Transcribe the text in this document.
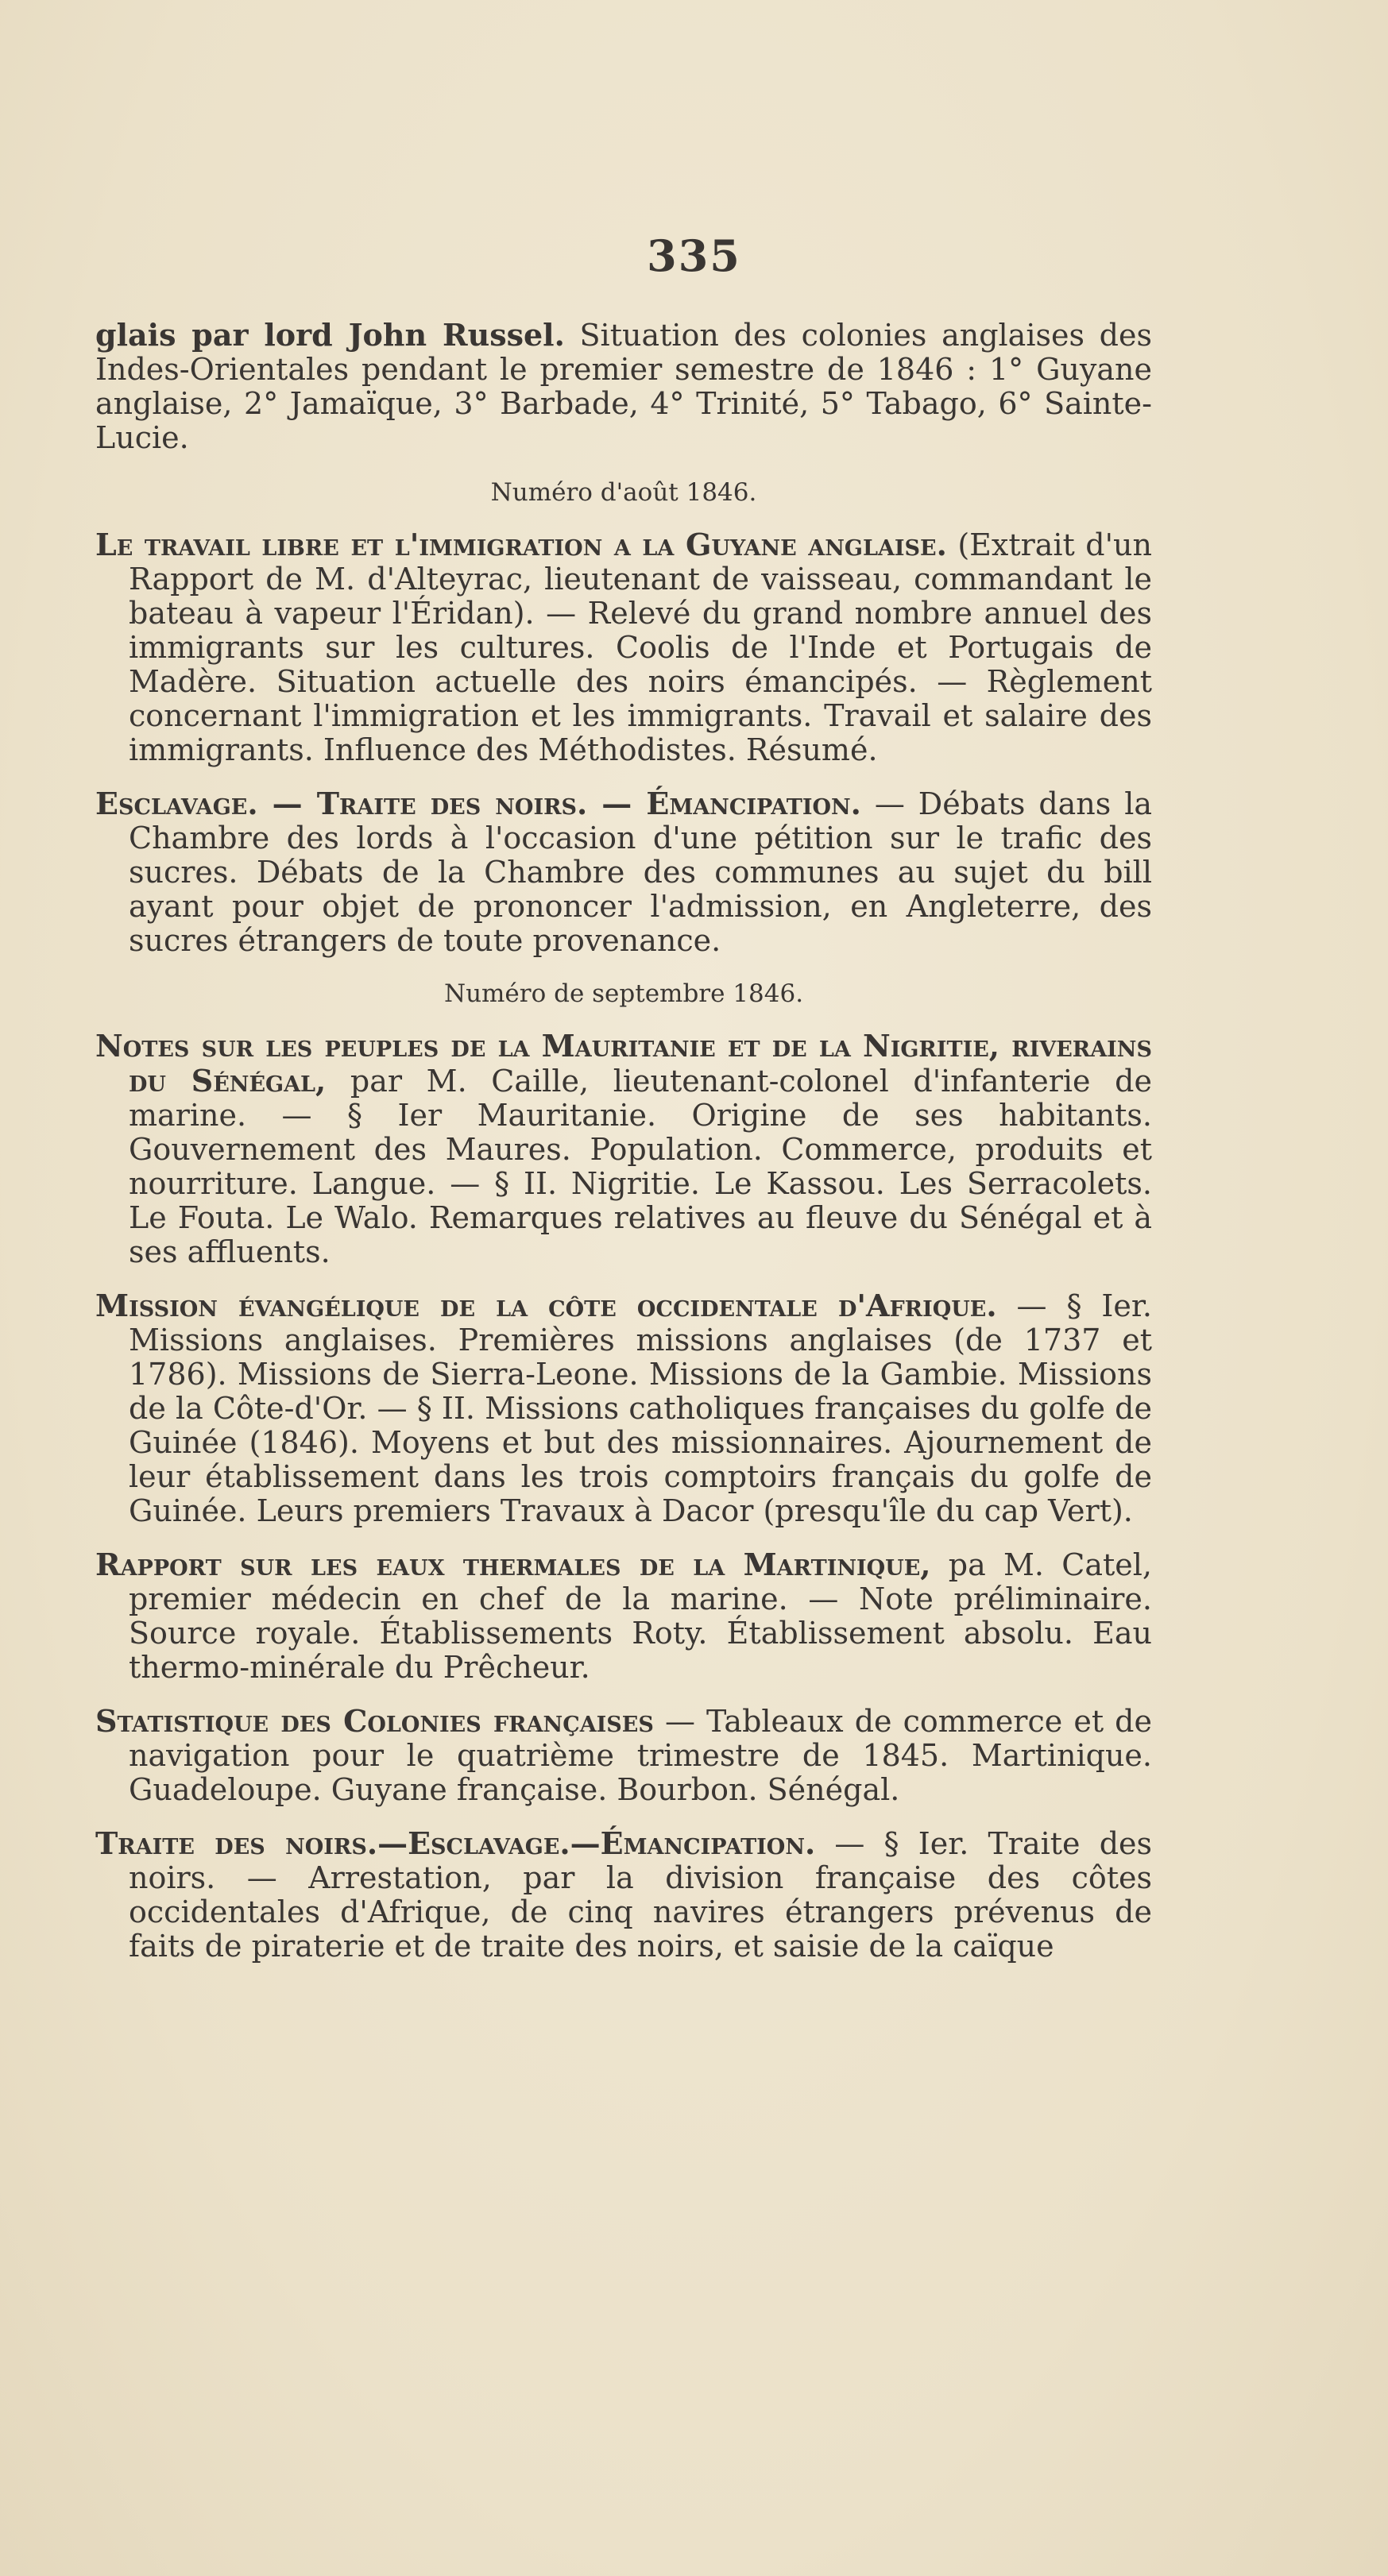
335

glais par lord John Russel. Situation des colonies anglaises des Indes-Orientales pendant le premier semestre de 1846 : 1° Guyane anglaise, 2° Jamaïque, 3° Barbade, 4° Trinité, 5° Tabago, 6° Sainte-Lucie.

Numéro d'août 1846.

Le travail libre et l'immigration a la Guyane anglaise. (Extrait d'un Rapport de M. d'Alteyrac, lieutenant de vaisseau, commandant le bateau à vapeur l'Éridan). — Relevé du grand nombre annuel des immigrants sur les cultures. Coolis de l'Inde et Portugais de Madère. Situation actuelle des noirs émancipés. — Règlement concernant l'immigration et les immigrants. Travail et salaire des immigrants. Influence des Méthodistes. Résumé.

Esclavage. — Traite des noirs. — Émancipation. — Débats dans la Chambre des lords à l'occasion d'une pétition sur le trafic des sucres. Débats de la Chambre des communes au sujet du bill ayant pour objet de prononcer l'admission, en Angleterre, des sucres étrangers de toute provenance.

Numéro de septembre 1846.

Notes sur les peuples de la Mauritanie et de la Nigritie, riverains du Sénégal, par M. Caille, lieutenant-colonel d'infanterie de marine. — § Ier Mauritanie. Origine de ses habitants. Gouvernement des Maures. Population. Commerce, produits et nourriture. Langue. — § II. Nigritie. Le Kassou. Les Serracolets. Le Fouta. Le Walo. Remarques relatives au fleuve du Sénégal et à ses affluents.

Mission évangélique de la côte occidentale d'Afrique. — § Ier. Missions anglaises. Premières missions anglaises (de 1737 et 1786). Missions de Sierra-Leone. Missions de la Gambie. Missions de la Côte-d'Or. — § II. Missions catholiques françaises du golfe de Guinée (1846). Moyens et but des missionnaires. Ajournement de leur établissement dans les trois comptoirs français du golfe de Guinée. Leurs premiers Travaux à Dacor (presqu'île du cap Vert).

Rapport sur les eaux thermales de la Martinique, pa M. Catel, premier médecin en chef de la marine. — Note préliminaire. Source royale. Établissements Roty. Établissement absolu. Eau thermo-minérale du Prêcheur.

Statistique des Colonies françaises — Tableaux de commerce et de navigation pour le quatrième trimestre de 1845. Martinique. Guadeloupe. Guyane française. Bourbon. Sénégal.

Traite des noirs.—Esclavage.—Émancipation. — § Ier. Traite des noirs. — Arrestation, par la division française des côtes occidentales d'Afrique, de cinq navires étrangers prévenus de faits de piraterie et de traite des noirs, et saisie de la caïque
